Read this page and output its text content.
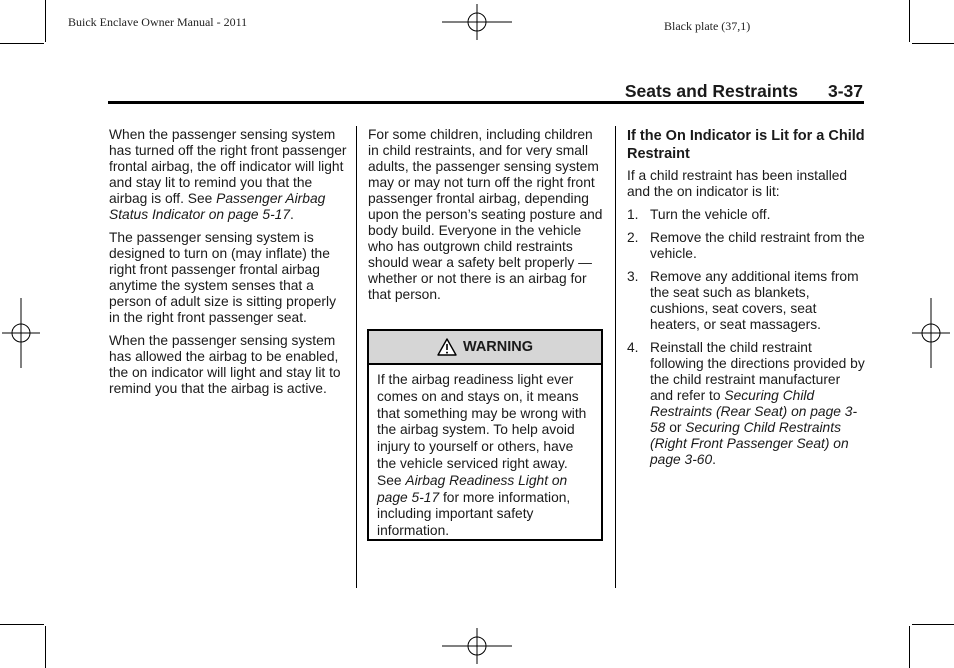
Buick Enclave Owner Manual - 2011	Black plate (37,1)
Seats and Restraints 3-37

When the passenger sensing system has turned off the right front passenger frontal airbag, the off indicator will light and stay lit to remind you that the airbag is off. See Passenger Airbag Status Indicator on page 5-17.

The passenger sensing system is designed to turn on (may inflate) the right front passenger frontal airbag anytime the system senses that a person of adult size is sitting properly in the right front passenger seat.

When the passenger sensing system has allowed the airbag to be enabled, the on indicator will light and stay lit to remind you that the airbag is active.

For some children, including children in child restraints, and for very small adults, the passenger sensing system may or may not turn off the right front passenger frontal airbag, depending upon the person’s seating posture and body build. Everyone in the vehicle who has outgrown child restraints should wear a safety belt properly — whether or not there is an airbag for that person.

WARNING
If the airbag readiness light ever comes on and stays on, it means that something may be wrong with the airbag system. To help avoid injury to yourself or others, have the vehicle serviced right away. See Airbag Readiness Light on page 5-17 for more information, including important safety information.
If the On Indicator is Lit for a Child Restraint

If a child restraint has been installed and the on indicator is lit:

1. Turn the vehicle off.
2. Remove the child restraint from the vehicle.
3. Remove any additional items from the seat such as blankets, cushions, seat covers, seat heaters, or seat massagers.
4. Reinstall the child restraint following the directions provided by the child restraint manufacturer and refer to Securing Child Restraints (Rear Seat) on page 3-58 or Securing Child Restraints (Right Front Passenger Seat) on page 3-60.
